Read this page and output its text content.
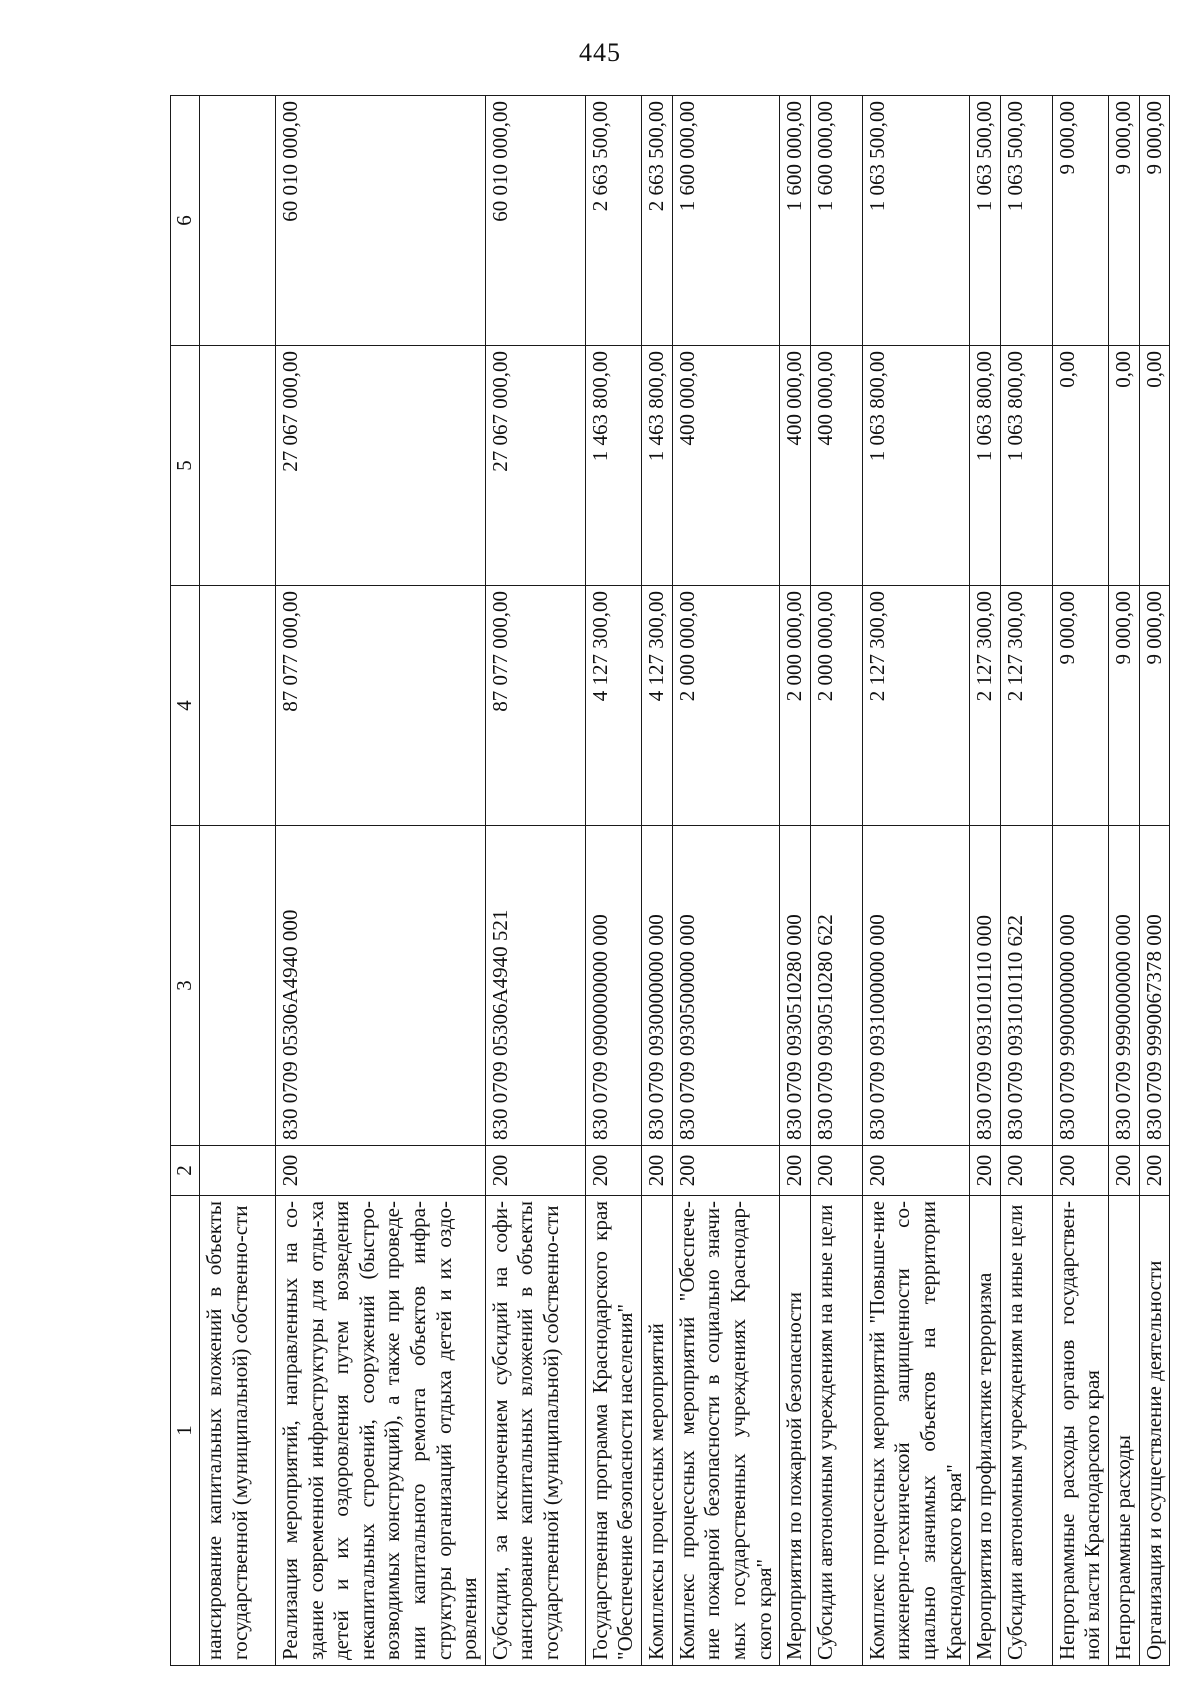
445
1	2	3	4	5	6
нансирование капитальных вложений в объекты государственной (муниципальной) собственно-сти					
Реализация мероприятий, направленных на со-здание современной инфраструктуры для отды-ха детей и их оздоровления путем возведения некапитальных строений, сооружений (быстро-возводимых конструкций), а также при проведе-нии капитального ремонта объектов инфра-структуры организаций отдыха детей и их оздо-ровления	200	830 0709 05306А4940 000	87 077 000,00	27 067 000,00	60 010 000,00
Субсидии, за исключением субсидий на софи-нансирование капитальных вложений в объекты государственной (муниципальной) собственно-сти	200	830 0709 05306А4940 521	87 077 000,00	27 067 000,00	60 010 000,00
Государственная программа Краснодарского края "Обеспечение безопасности населения"	200	830 0709 0900000000 000	4 127 300,00	1 463 800,00	2 663 500,00
Комплексы процессных мероприятий	200	830 0709 0930000000 000	4 127 300,00	1 463 800,00	2 663 500,00
Комплекс процессных мероприятий "Обеспече-ние пожарной безопасности в социально значи-мых государственных учреждениях Краснодар-ского края"	200	830 0709 0930500000 000	2 000 000,00	400 000,00	1 600 000,00
Мероприятия по пожарной безопасности	200	830 0709 0930510280 000	2 000 000,00	400 000,00	1 600 000,00
Субсидии автономным учреждениям на иные цели	200	830 0709 0930510280 622	2 000 000,00	400 000,00	1 600 000,00
Комплекс процессных мероприятий "Повыше-ние инженерно-технической защищенности со-циально значимых объектов на территории Краснодарского края"	200	830 0709 0931000000 000	2 127 300,00	1 063 800,00	1 063 500,00
Мероприятия по профилактике терроризма	200	830 0709 0931010110 000	2 127 300,00	1 063 800,00	1 063 500,00
Субсидии автономным учреждениям на иные цели	200	830 0709 0931010110 622	2 127 300,00	1 063 800,00	1 063 500,00
Непрограммные расходы органов государствен-ной власти Краснодарского края	200	830 0709 9900000000 000	9 000,00	0,00	9 000,00
Непрограммные расходы	200	830 0709 9990000000 000	9 000,00	0,00	9 000,00
Организация и осуществление деятельности	200	830 0709 9990067378 000	9 000,00	0,00	9 000,00
